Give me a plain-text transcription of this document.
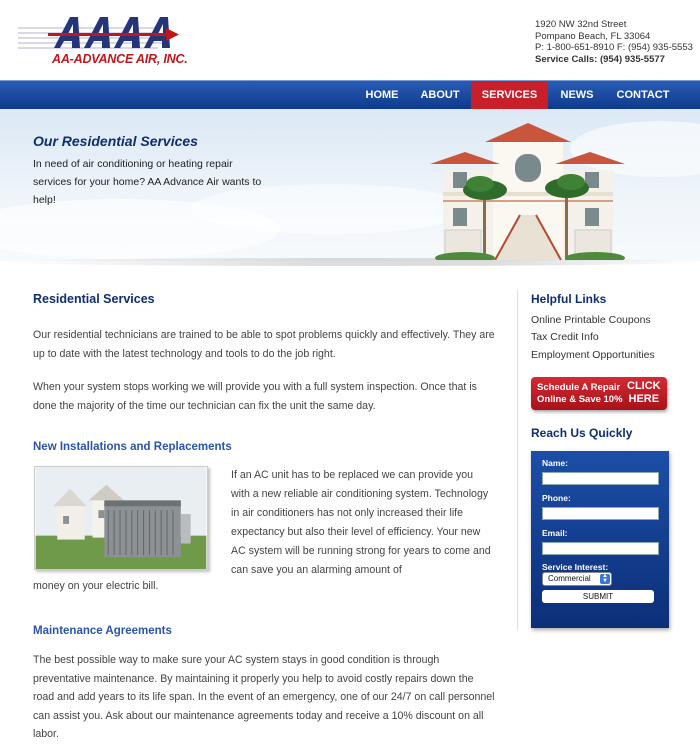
AA-ADVANCE AIR, INC.
1920 NW 32nd Street
Pompano Beach, FL 33064
P: 1-800-651-8910 F: (954) 935-5553
Service Calls: (954) 935-5577
HOME	ABOUT	SERVICES	NEWS	CONTACT
Our Residential Services
In need of air conditioning or heating repair services for your home? AA Advance Air wants to help!
Residential Services
Our residential technicians are trained to be able to spot problems quickly and effectively. They are up to date with the latest technology and tools to do the job right.
When your system stops working we will provide you with a full system inspection. Once that is done the majority of the time our technician can fix the unit the same day.
New Installations and Replacements
If an AC unit has to be replaced we can provide you with a new reliable air conditioning system. Technology in air conditioners has not only increased their life expectancy but also their level of efficiency. Your new AC system will be running strong for years to come and can save you an alarming amount of
money on your electric bill.
Maintenance Agreements
The best possible way to make sure your AC system stays in good condition is through preventative maintenance. By maintaining it properly you help to avoid costly repairs down the road and add years to its life span. In the event of an emergency, one of our 24/7 on call personnel can assist you. Ask about our maintenance agreements today and receive a 10% discount on all labor.
Helpful Links
Online Printable Coupons
Tax Credit Info
Employment Opportunities
Schedule A Repair
Online & Save 10%
CLICK
HERE
Reach Us Quickly
Name:
Phone:
Email:
Service Interest:
Commercial	▲
▼
SUBMIT
